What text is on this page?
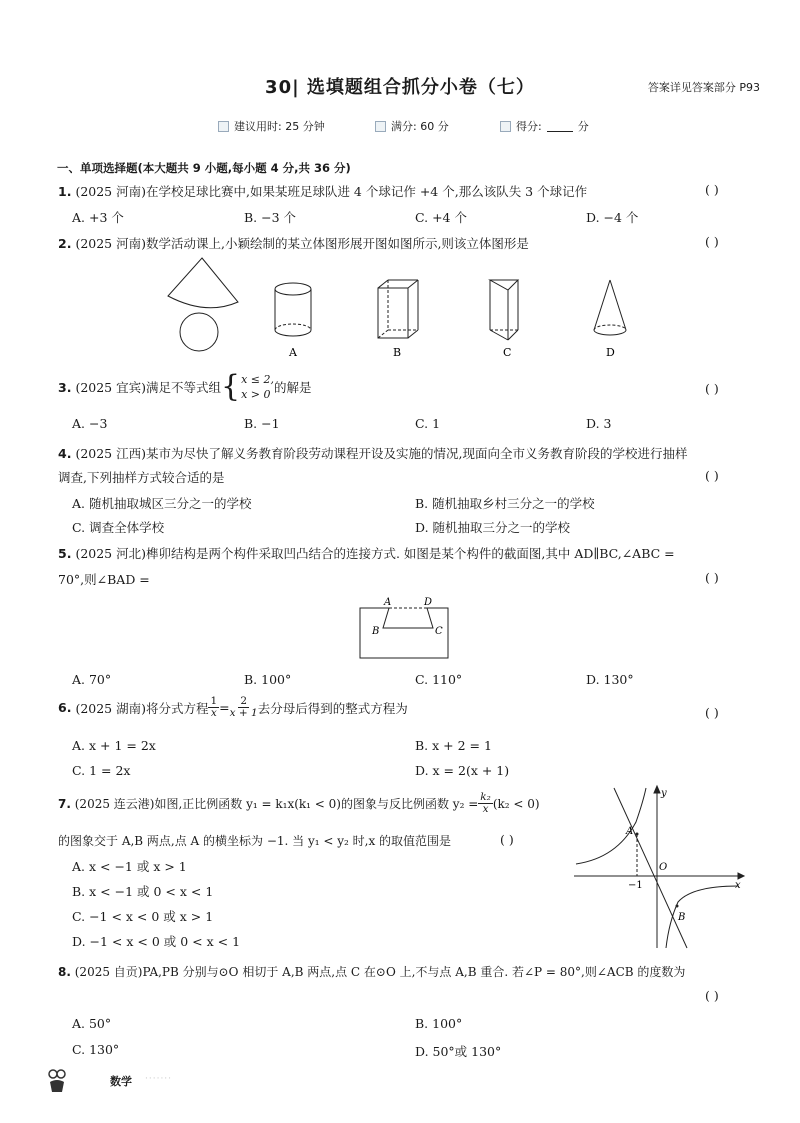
30| 选填题组合抓分小卷（七）	答案详见答案部分 P93
建议用时: 25 分钟	满分: 60 分	得分:	分
一、单项选择题(本大题共 9 小题,每小题 4 分,共 36 分)
1. (2025 河南)在学校足球比赛中,如果某班足球队进 4 个球记作 +4 个,那么该队失 3 个球记作	( )
A. +3 个	B. −3 个	C. +4 个	D. −4 个
2. (2025 河南)数学活动课上,小颖绘制的某立体图形展开图如图所示,则该立体图形是	( )
A	B	C	D
3.
(2025 宜宾)满足不等式组 { x ≤ 2,
x > 0 的解是	( )
A. −3	B. −1	C. 1	D. 3
4. (2025 江西)某市为尽快了解义务教育阶段劳动课程开设及实施的情况,现面向全市义务教育阶段的学校进行抽样
调查,下列抽样方式较合适的是	( )
A. 随机抽取城区三分之一的学校	B. 随机抽取乡村三分之一的学校
C. 调查全体学校	D. 随机抽取三分之一的学校
5. (2025 河北)榫卯结构是两个构件采取凹凸结合的连接方式. 如图是某个构件的截面图,其中 AD∥BC,∠ABC =
70°,则∠BAD =	( )
A	D
B	C
A. 70°	B. 100°	C. 110°	D. 130°
6.
(2025 湖南)将分式方程 $\frac{1}{x} = \frac{2}{x + 1}$ 去分母后得到的整式方程为	( )
A. x + 1 = 2x	B. x + 2 = 1
C. 1 = 2x	D. x = 2(x + 1)
7.
(2025 连云港)如图,正比例函数 y₁ = k₁x(k₁ < 0)的图象与反比例函数 $y_2 = \frac{\text{k₂}}{x} (k_2 < 0)$
的图象交于 A,B 两点,点 A 的横坐标为 −1. 当 y₁ < y₂ 时,x 的取值范围是	( )
A. x < −1 或 x > 1
B. x < −1 或 0 < x < 1
C. −1 < x < 0 或 x > 1
D. −1 < x < 0 或 0 < x < 1
y
x
O
A
B
−1
8. (2025 自贡)PA,PB 分别与⊙O 相切于 A,B 两点,点 C 在⊙O 上,不与点 A,B 重合. 若∠P = 80°,则∠ACB 的度数为
( )
A. 50°	B. 100°
C. 130°	D. 50°或 130°
数学 ·······
